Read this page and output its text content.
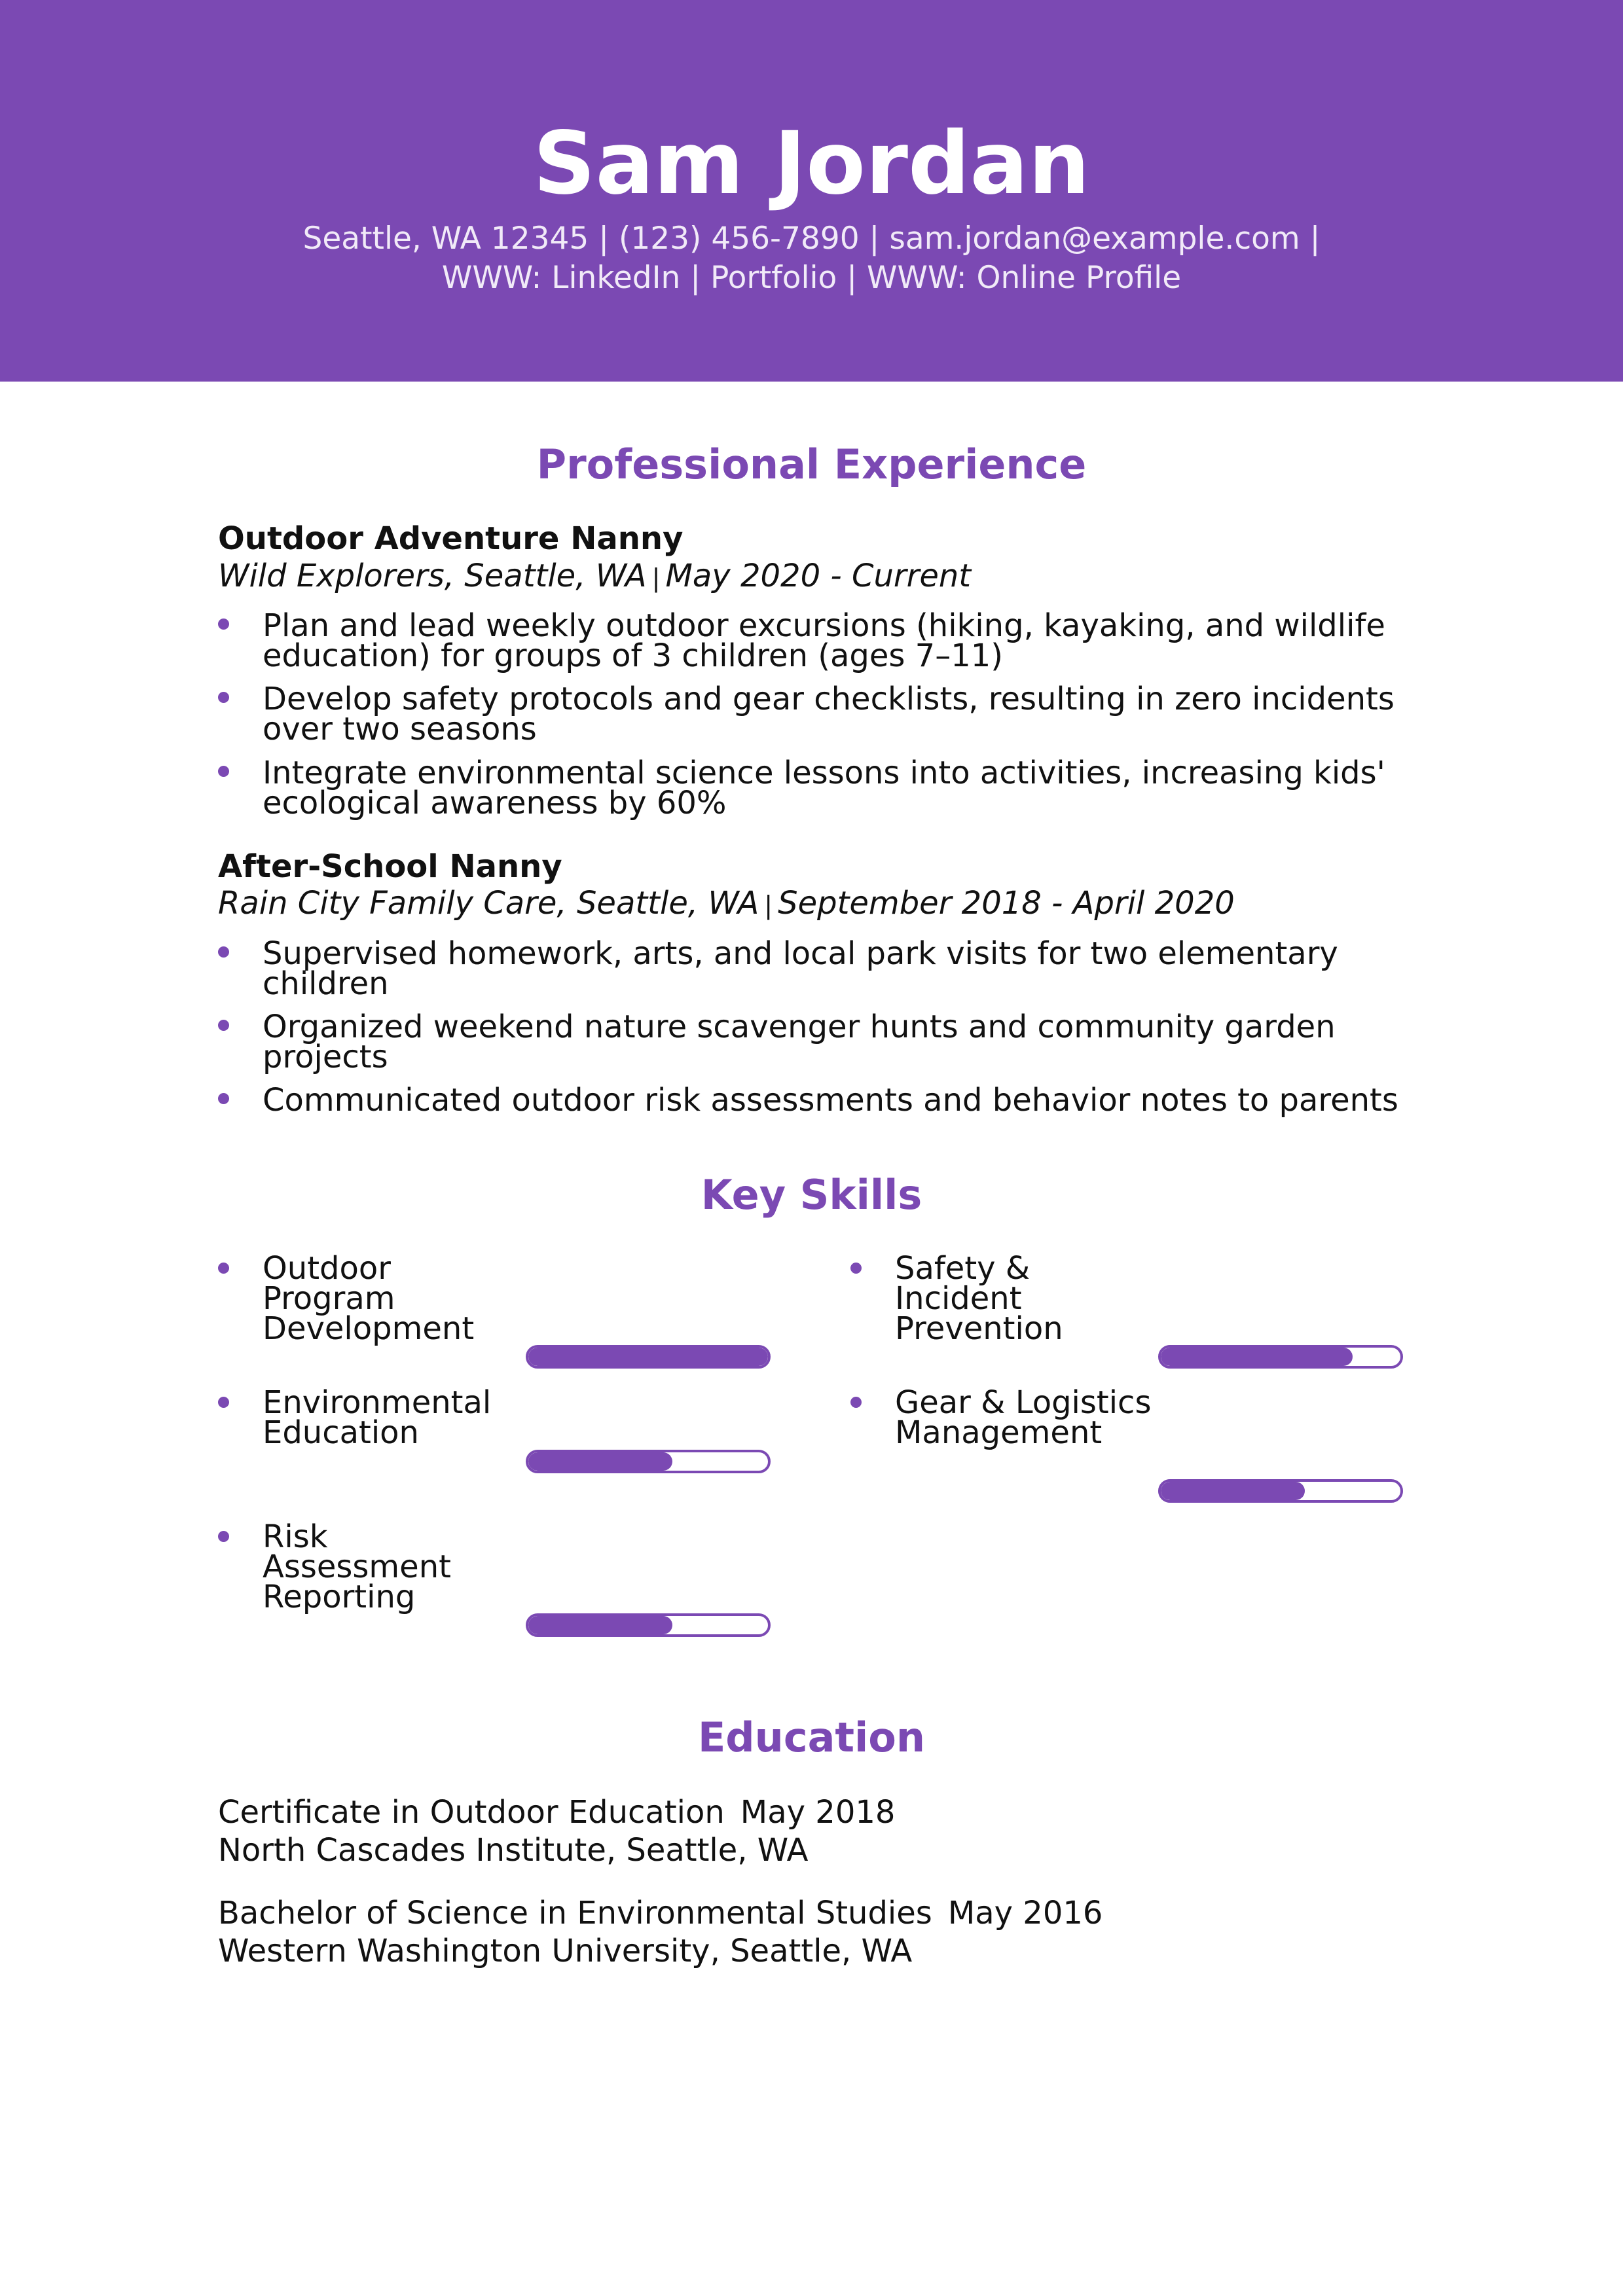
Sam Jordan
Seattle, WA 12345 | (123) 456-7890 | sam.jordan@example.com |
WWW: LinkedIn | Portfolio | WWW: Online Profile
Professional Experience
Outdoor Adventure Nanny
Wild Explorers, Seattle, WA | May 2020 - Current
Plan and lead weekly outdoor excursions (hiking, kayaking, and wildlife education) for groups of 3 children (ages 7–11)
Develop safety protocols and gear checklists, resulting in zero incidents over two seasons
Integrate environmental science lessons into activities, increasing kids' ecological awareness by 60%
After-School Nanny
Rain City Family Care, Seattle, WA | September 2018 - April 2020
Supervised homework, arts, and local park visits for two elementary children
Organized weekend nature scavenger hunts and community garden projects
Communicated outdoor risk assessments and behavior notes to parents
Key Skills
Outdoor Program Development
Safety & Incident Prevention
Environmental Education
Gear & Logistics Management
Risk Assessment Reporting
Education
Certificate in Outdoor Education May 2018
North Cascades Institute, Seattle, WA
Bachelor of Science in Environmental Studies May 2016
Western Washington University, Seattle, WA
